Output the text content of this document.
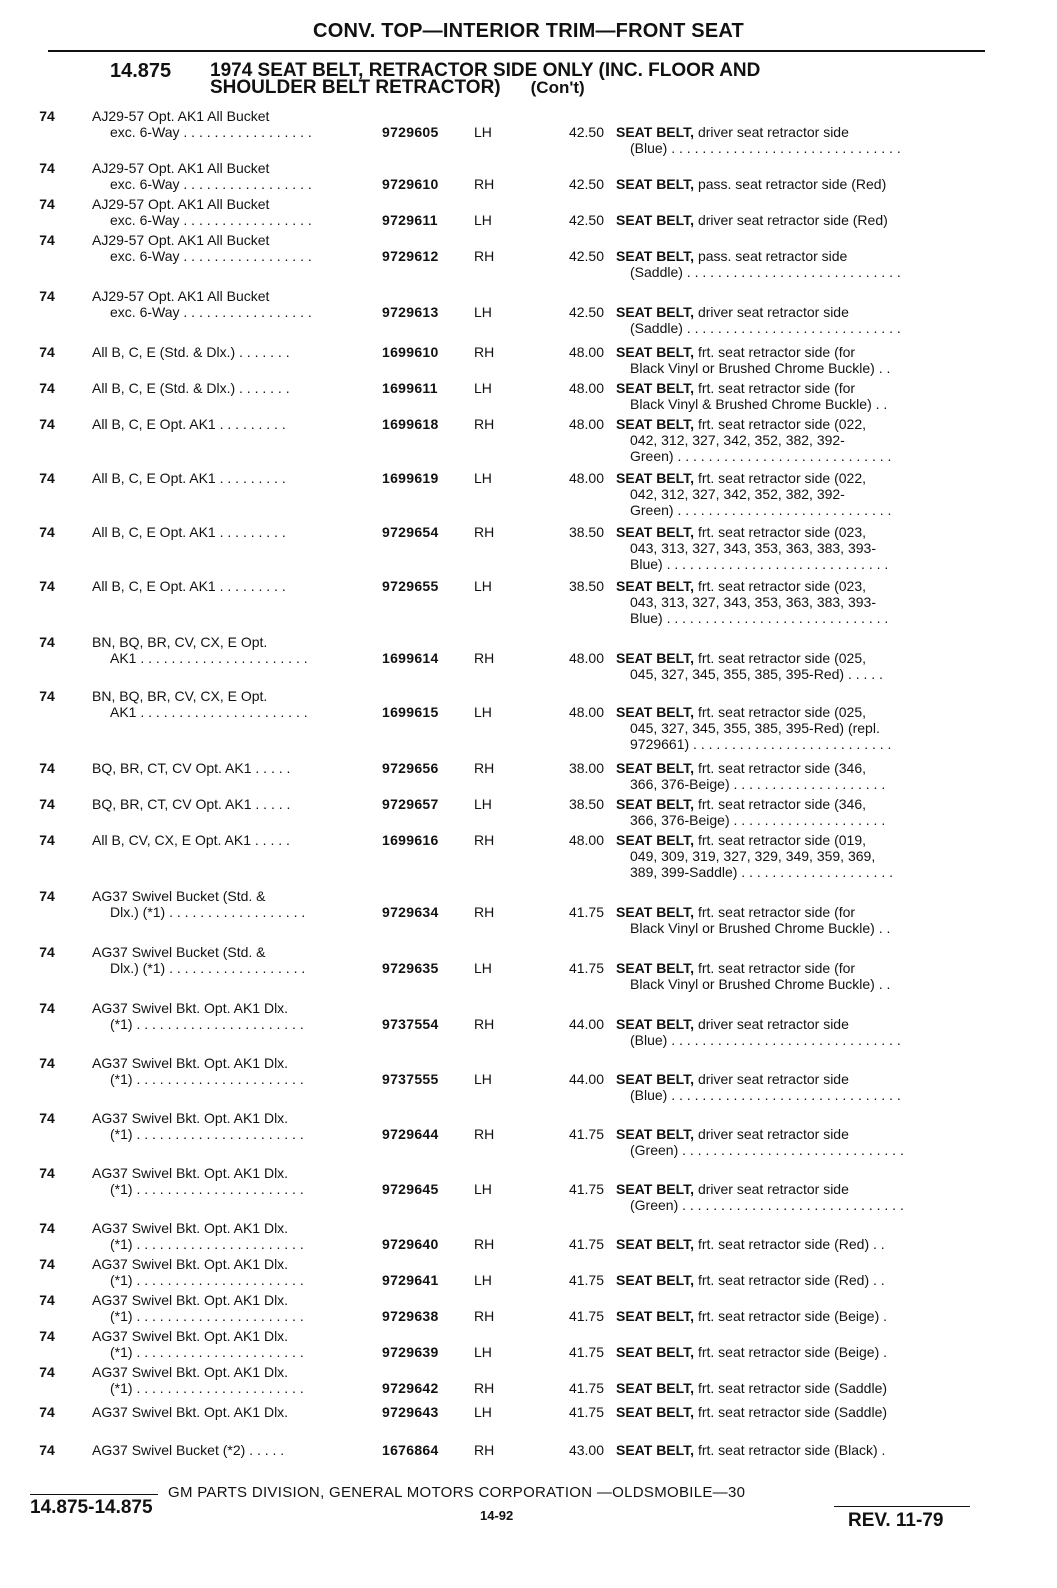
CONV. TOP—INTERIOR TRIM—FRONT SEAT
14.875 1974 SEAT BELT, RETRACTOR SIDE ONLY (INC. FLOOR AND
SHOULDER BELT RETRACTOR) (Con't)
74	AJ29-57 Opt. AK1 All Bucket
exc. 6-Way . . . . . . . . . . . . . . . . .	9729605	LH	42.50 SEAT BELT, driver seat retractor side
(Blue) . . . . . . . . . . . . . . . . . . . . . . . . . . . . . .
74	AJ29-57 Opt. AK1 All Bucket
exc. 6-Way . . . . . . . . . . . . . . . . .	9729610	RH	42.50 SEAT BELT, pass. seat retractor side (Red)
74	AJ29-57 Opt. AK1 All Bucket
exc. 6-Way . . . . . . . . . . . . . . . . .	9729611	LH	42.50 SEAT BELT, driver seat retractor side (Red)
74	AJ29-57 Opt. AK1 All Bucket
exc. 6-Way . . . . . . . . . . . . . . . . .	9729612	RH	42.50 SEAT BELT, pass. seat retractor side
(Saddle) . . . . . . . . . . . . . . . . . . . . . . . . . . . .
74	AJ29-57 Opt. AK1 All Bucket
exc. 6-Way . . . . . . . . . . . . . . . . .	9729613	LH	42.50 SEAT BELT, driver seat retractor side
(Saddle) . . . . . . . . . . . . . . . . . . . . . . . . . . . .
74	All B, C, E (Std. & Dlx.) . . . . . . .	1699610	RH	48.00 SEAT BELT, frt. seat retractor side (for
Black Vinyl or Brushed Chrome Buckle) . .
74	All B, C, E (Std. & Dlx.) . . . . . . .	1699611	LH	48.00 SEAT BELT, frt. seat retractor side (for
Black Vinyl & Brushed Chrome Buckle) . .
74	All B, C, E Opt. AK1 . . . . . . . . .	1699618	RH	48.00 SEAT BELT, frt. seat retractor side (022,
042, 312, 327, 342, 352, 382, 392-
Green) . . . . . . . . . . . . . . . . . . . . . . . . . . . .
74	All B, C, E Opt. AK1 . . . . . . . . .	1699619	LH	48.00 SEAT BELT, frt. seat retractor side (022,
042, 312, 327, 342, 352, 382, 392-
Green) . . . . . . . . . . . . . . . . . . . . . . . . . . . .
74	All B, C, E Opt. AK1 . . . . . . . . .	9729654	RH	38.50 SEAT BELT, frt. seat retractor side (023,
043, 313, 327, 343, 353, 363, 383, 393-
Blue) . . . . . . . . . . . . . . . . . . . . . . . . . . . . .
74	All B, C, E Opt. AK1 . . . . . . . . .	9729655	LH	38.50 SEAT BELT, frt. seat retractor side (023,
043, 313, 327, 343, 353, 363, 383, 393-
Blue) . . . . . . . . . . . . . . . . . . . . . . . . . . . . .
74	BN, BQ, BR, CV, CX, E Opt.
AK1 . . . . . . . . . . . . . . . . . . . . . .	1699614	RH	48.00 SEAT BELT, frt. seat retractor side (025,
045, 327, 345, 355, 385, 395-Red) . . . . .
74	BN, BQ, BR, CV, CX, E Opt.
AK1 . . . . . . . . . . . . . . . . . . . . . .	1699615	LH	48.00 SEAT BELT, frt. seat retractor side (025,
045, 327, 345, 355, 385, 395-Red) (repl.
9729661) . . . . . . . . . . . . . . . . . . . . . . . . . .
74	BQ, BR, CT, CV Opt. AK1 . . . . .	9729656	RH	38.00 SEAT BELT, frt. seat retractor side (346,
366, 376-Beige) . . . . . . . . . . . . . . . . . . . .
74	BQ, BR, CT, CV Opt. AK1 . . . . .	9729657	LH	38.50 SEAT BELT, frt. seat retractor side (346,
366, 376-Beige) . . . . . . . . . . . . . . . . . . . .
74	All B, CV, CX, E Opt. AK1 . . . . .	1699616	RH	48.00 SEAT BELT, frt. seat retractor side (019,
049, 309, 319, 327, 329, 349, 359, 369,
389, 399-Saddle) . . . . . . . . . . . . . . . . . . . .
74	AG37 Swivel Bucket (Std. &
Dlx.) (*1) . . . . . . . . . . . . . . . . . .	9729634	RH	41.75 SEAT BELT, frt. seat retractor side (for
Black Vinyl or Brushed Chrome Buckle) . .
74	AG37 Swivel Bucket (Std. &
Dlx.) (*1) . . . . . . . . . . . . . . . . . .	9729635	LH	41.75 SEAT BELT, frt. seat retractor side (for
Black Vinyl or Brushed Chrome Buckle) . .
74	AG37 Swivel Bkt. Opt. AK1 Dlx.
(*1) . . . . . . . . . . . . . . . . . . . . . .	9737554	RH	44.00 SEAT BELT, driver seat retractor side
(Blue) . . . . . . . . . . . . . . . . . . . . . . . . . . . . . .
74	AG37 Swivel Bkt. Opt. AK1 Dlx.
(*1) . . . . . . . . . . . . . . . . . . . . . .	9737555	LH	44.00 SEAT BELT, driver seat retractor side
(Blue) . . . . . . . . . . . . . . . . . . . . . . . . . . . . . .
74	AG37 Swivel Bkt. Opt. AK1 Dlx.
(*1) . . . . . . . . . . . . . . . . . . . . . .	9729644	RH	41.75 SEAT BELT, driver seat retractor side
(Green) . . . . . . . . . . . . . . . . . . . . . . . . . . . . .
74	AG37 Swivel Bkt. Opt. AK1 Dlx.
(*1) . . . . . . . . . . . . . . . . . . . . . .	9729645	LH	41.75 SEAT BELT, driver seat retractor side
(Green) . . . . . . . . . . . . . . . . . . . . . . . . . . . . .
74	AG37 Swivel Bkt. Opt. AK1 Dlx.
(*1) . . . . . . . . . . . . . . . . . . . . . .	9729640	RH	41.75 SEAT BELT, frt. seat retractor side (Red) . .
74	AG37 Swivel Bkt. Opt. AK1 Dlx.
(*1) . . . . . . . . . . . . . . . . . . . . . .	9729641	LH	41.75 SEAT BELT, frt. seat retractor side (Red) . .
74	AG37 Swivel Bkt. Opt. AK1 Dlx.
(*1) . . . . . . . . . . . . . . . . . . . . . .	9729638	RH	41.75 SEAT BELT, frt. seat retractor side (Beige) .
74	AG37 Swivel Bkt. Opt. AK1 Dlx.
(*1) . . . . . . . . . . . . . . . . . . . . . .	9729639	LH	41.75 SEAT BELT, frt. seat retractor side (Beige) .
74	AG37 Swivel Bkt. Opt. AK1 Dlx.
(*1) . . . . . . . . . . . . . . . . . . . . . .	9729642	RH	41.75 SEAT BELT, frt. seat retractor side (Saddle)
74	AG37 Swivel Bkt. Opt. AK1 Dlx.	9729643	LH	41.75 SEAT BELT, frt. seat retractor side (Saddle)
74	AG37 Swivel Bucket (*2) . . . . .	1676864	RH	43.00 SEAT BELT, frt. seat retractor side (Black) .
GM PARTS DIVISION, GENERAL MOTORS CORPORATION —OLDSMOBILE—30
14.875-14.875	14-92	REV. 11-79
